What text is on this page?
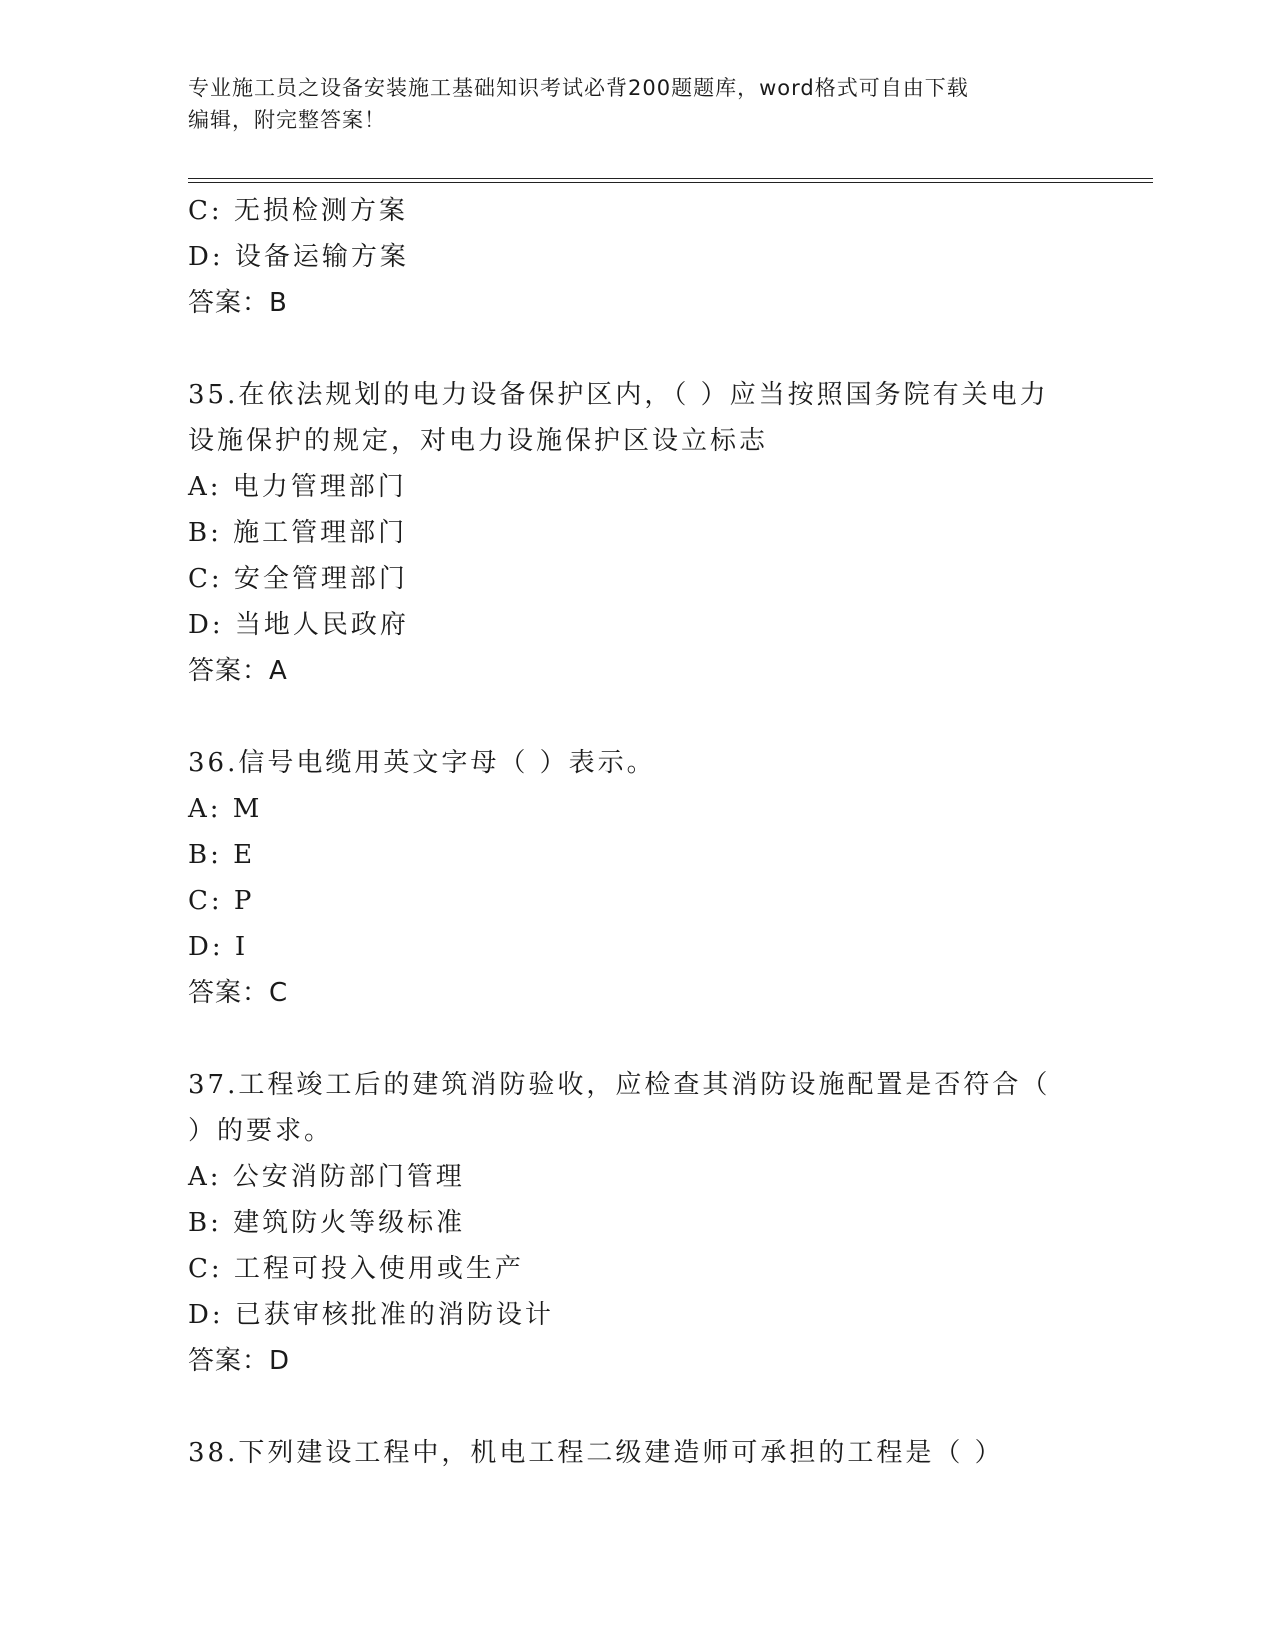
专业施工员之设备安装施工基础知识考试必背200题题库，word格式可自由下载
编辑，附完整答案！
C: 无损检测方案
D: 设备运输方案
答案：B
35.在依法规划的电力设备保护区内，（ ）应当按照国务院有关电力
设施保护的规定，对电力设施保护区设立标志
A: 电力管理部门
B: 施工管理部门
C: 安全管理部门
D: 当地人民政府
答案：A
36.信号电缆用英文字母（ ）表示。
A: M
B: E
C: P
D: I
答案：C
37.工程竣工后的建筑消防验收，应检查其消防设施配置是否符合（
）的要求。
A: 公安消防部门管理
B: 建筑防火等级标准
C: 工程可投入使用或生产
D: 已获审核批准的消防设计
答案：D
38.下列建设工程中，机电工程二级建造师可承担的工程是（ ）
